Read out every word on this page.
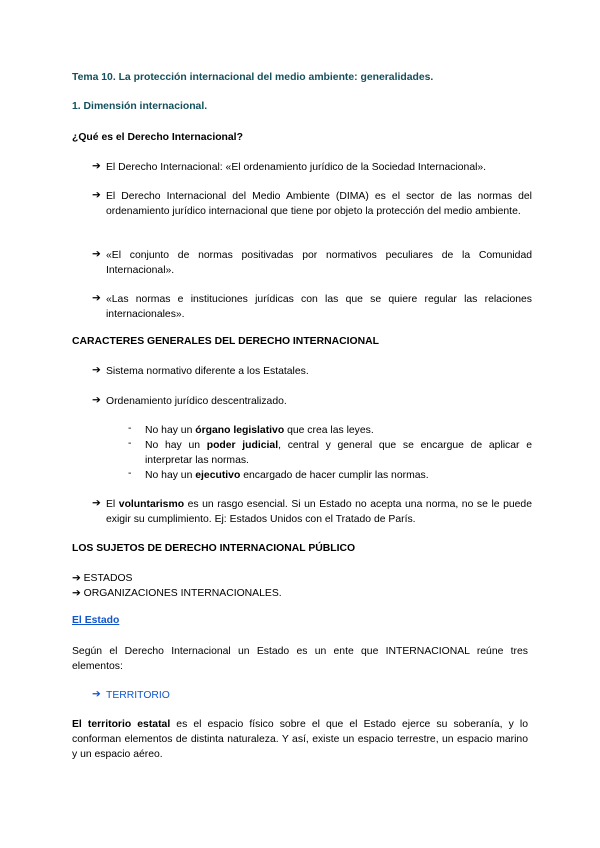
Tema 10. La protección internacional del medio ambiente: generalidades.
1. Dimensión internacional.
¿Qué es el Derecho Internacional?
➔ El Derecho Internacional: «El ordenamiento jurídico de la Sociedad Internacional».
➔ El Derecho Internacional del Medio Ambiente (DIMA) es el sector de las normas del ordenamiento jurídico internacional que tiene por objeto la protección del medio ambiente.
➔ «El conjunto de normas positivadas por normativos peculiares de la Comunidad Internacional».
➔ «Las normas e instituciones jurídicas con las que se quiere regular las relaciones internacionales».
CARACTERES GENERALES DEL DERECHO INTERNACIONAL
➔ Sistema normativo diferente a los Estatales.
➔ Ordenamiento jurídico descentralizado.
- No hay un órgano legislativo que crea las leyes.
- No hay un poder judicial, central y general que se encargue de aplicar e interpretar las normas.
- No hay un ejecutivo encargado de hacer cumplir las normas.
➔ El voluntarismo es un rasgo esencial. Si un Estado no acepta una norma, no se le puede exigir su cumplimiento. Ej: Estados Unidos con el Tratado de París.
LOS SUJETOS DE DERECHO INTERNACIONAL PÚBLICO
➔ ESTADOS
➔ ORGANIZACIONES INTERNACIONALES.
El Estado
Según el Derecho Internacional un Estado es un ente que INTERNACIONAL reúne tres elementos:
➔ TERRITORIO
El territorio estatal es el espacio físico sobre el que el Estado ejerce su soberanía, y lo conforman elementos de distinta naturaleza. Y así, existe un espacio terrestre, un espacio marino y un espacio aéreo.
